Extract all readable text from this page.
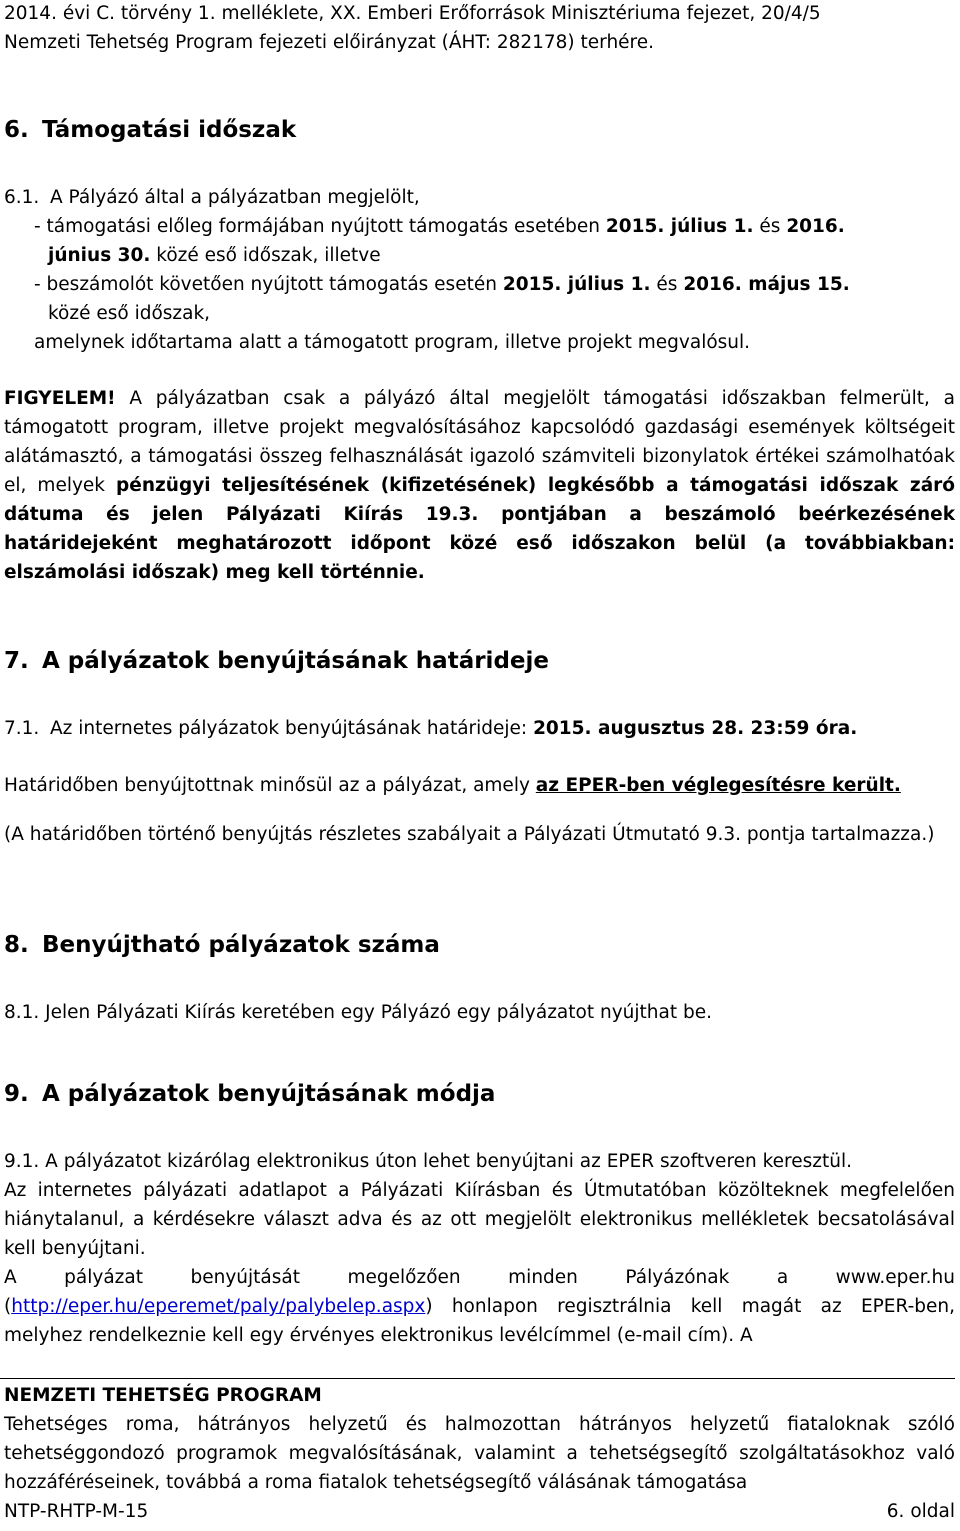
2014. évi C. törvény 1. melléklete, XX. Emberi Erőforrások Minisztériuma fejezet, 20/4/5
Nemzeti Tehetség Program fejezeti előirányzat (ÁHT: 282178) terhére.
6. Támogatási időszak
6.1. A Pályázó által a pályázatban megjelölt,
- támogatási előleg formájában nyújtott támogatás esetében 2015. július 1. és 2016.
június 30. közé eső időszak, illetve
- beszámolót követően nyújtott támogatás esetén 2015. július 1. és 2016. május 15.
közé eső időszak,
amelynek időtartama alatt a támogatott program, illetve projekt megvalósul.

FIGYELEM! A pályázatban csak a pályázó által megjelölt támogatási időszakban felmerült, a támogatott program, illetve projekt megvalósításához kapcsolódó gazdasági események költségeit alátámasztó, a támogatási összeg felhasználását igazoló számviteli bizonylatok értékei számolhatóak el, melyek pénzügyi teljesítésének (kifizetésének) legkésőbb a támogatási időszak záró dátuma és jelen Pályázati Kiírás 19.3. pontjában a beszámoló beérkezésének határidejeként meghatározott időpont közé eső időszakon belül (a továbbiakban: elszámolási időszak) meg kell történnie.

7. A pályázatok benyújtásának határideje
7.1. Az internetes pályázatok benyújtásának határideje: 2015. augusztus 28. 23:59 óra.

Határidőben benyújtottnak minősül az a pályázat, amely az EPER-ben véglegesítésre került.

(A határidőben történő benyújtás részletes szabályait a Pályázati Útmutató 9.3. pontja tartalmazza.)

8. Benyújtható pályázatok száma
8.1. Jelen Pályázati Kiírás keretében egy Pályázó egy pályázatot nyújthat be.
9. A pályázatok benyújtásának módja
9.1. A pályázatot kizárólag elektronikus úton lehet benyújtani az EPER szoftveren keresztül.

Az internetes pályázati adatlapot a Pályázati Kiírásban és Útmutatóban közölteknek megfelelően hiánytalanul, a kérdésekre választ adva és az ott megjelölt elektronikus mellékletek becsatolásával kell benyújtani.

A pályázat benyújtását megelőzően minden Pályázónak a www.eper.hu (http://eper.hu/eperemet/paly/palybelep.aspx) honlapon regisztrálnia kell magát az EPER-ben, melyhez rendelkeznie kell egy érvényes elektronikus levélcímmel (e-mail cím). A

NEMZETI TEHETSÉG PROGRAM

Tehetséges roma, hátrányos helyzetű és halmozottan hátrányos helyzetű fiataloknak szóló tehetséggondozó programok megvalósításának, valamint a tehetségsegítő szolgáltatásokhoz való hozzáféréseinek, továbbá a roma fiatalok tehetségsegítő válásának támogatása

NTP-RHTP-M-15	6. oldal
